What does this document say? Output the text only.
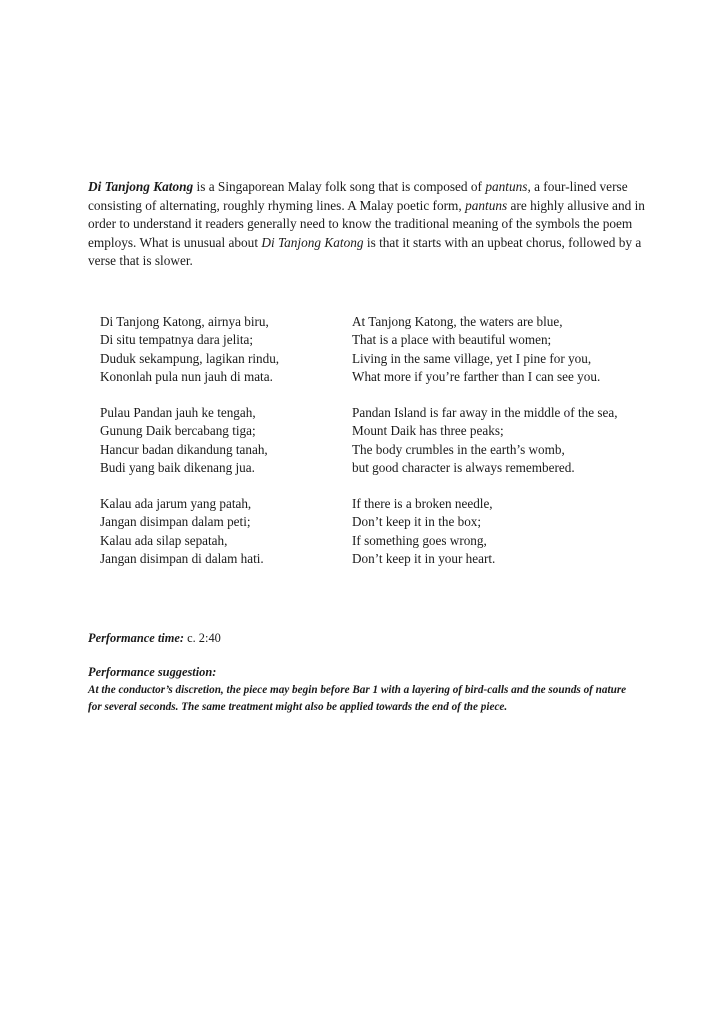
Di Tanjong Katong is a Singaporean Malay folk song that is composed of pantuns, a four-lined verse consisting of alternating, roughly rhyming lines. A Malay poetic form, pantuns are highly allusive and in order to understand it readers generally need to know the traditional meaning of the symbols the poem employs. What is unusual about Di Tanjong Katong is that it starts with an upbeat chorus, followed by a verse that is slower.

Di Tanjong Katong, airnya biru,
Di situ tempatnya dara jelita;
Duduk sekampung, lagikan rindu,
Kononlah pula nun jauh di mata.
At Tanjong Katong, the waters are blue,
That is a place with beautiful women;
Living in the same village, yet I pine for you,
What more if you’re farther than I can see you.
Pulau Pandan jauh ke tengah,
Gunung Daik bercabang tiga;
Hancur badan dikandung tanah,
Budi yang baik dikenang jua.
Pandan Island is far away in the middle of the sea,
Mount Daik has three peaks;
The body crumbles in the earth’s womb,
but good character is always remembered.
Kalau ada jarum yang patah,
Jangan disimpan dalam peti;
Kalau ada silap sepatah,
Jangan disimpan di dalam hati.
If there is a broken needle,
Don’t keep it in the box;
If something goes wrong,
Don’t keep it in your heart.
Performance time: c. 2:40
Performance suggestion:

At the conductor’s discretion, the piece may begin before Bar 1 with a layering of bird-calls and the sounds of nature for several seconds. The same treatment might also be applied towards the end of the piece.
